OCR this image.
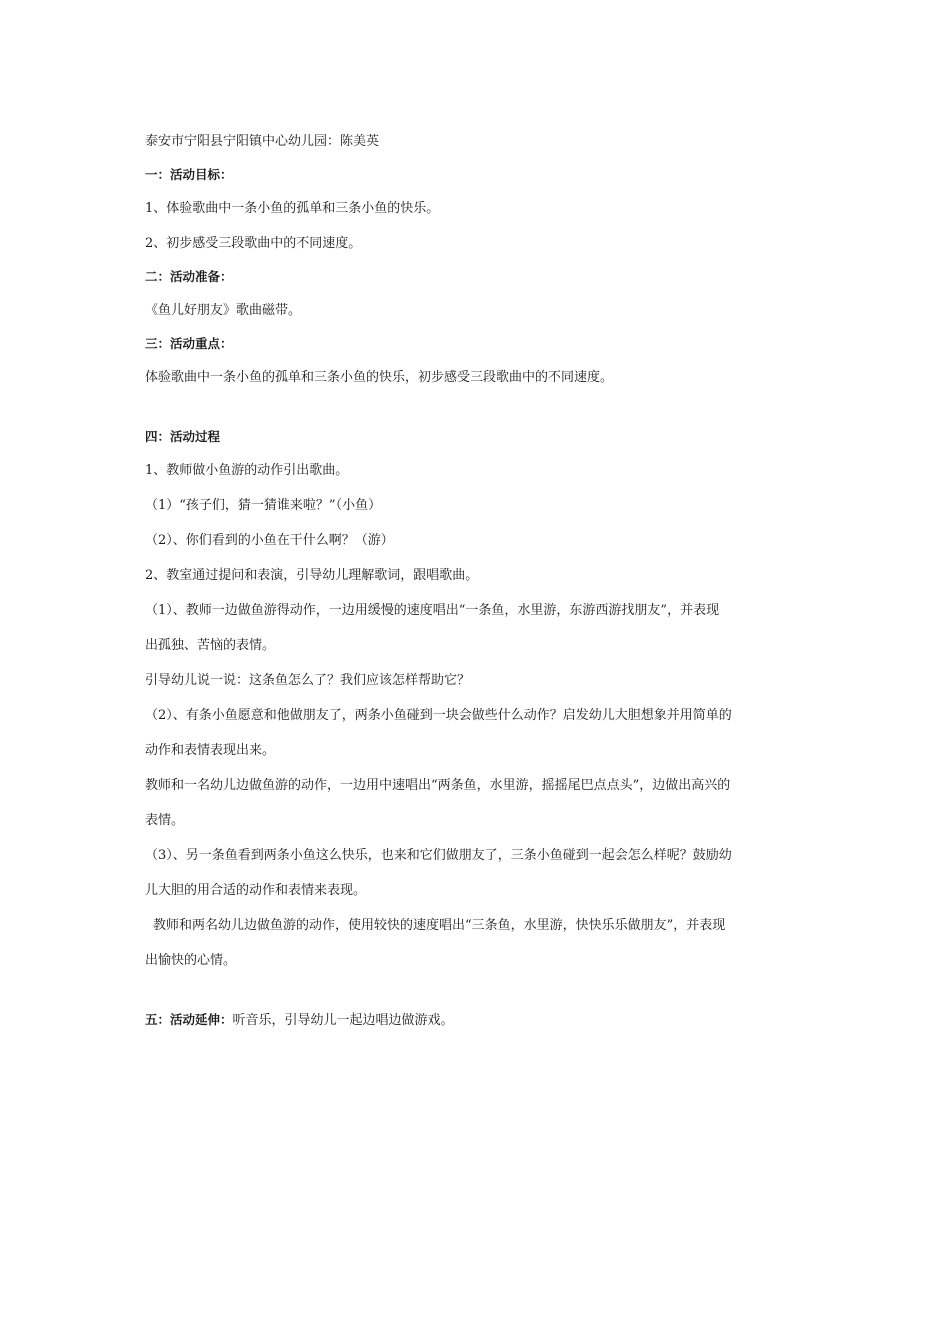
泰安市宁阳县宁阳镇中心幼儿园：陈美英
一：活动目标：
1、体验歌曲中一条小鱼的孤单和三条小鱼的快乐。
2、初步感受三段歌曲中的不同速度。
二：活动准备：
《鱼儿好朋友》歌曲磁带。
三：活动重点：
体验歌曲中一条小鱼的孤单和三条小鱼的快乐，初步感受三段歌曲中的不同速度。
四：活动过程
1、教师做小鱼游的动作引出歌曲。
（1）“孩子们，猜一猜谁来啦？”（小鱼）
（2）、你们看到的小鱼在干什么啊？（游）
2、教室通过提问和表演，引导幼儿理解歌词，跟唱歌曲。
（1）、教师一边做鱼游得动作，一边用缓慢的速度唱出“一条鱼，水里游，东游西游找朋友”，并表现
出孤独、苦恼的表情。
引导幼儿说一说：这条鱼怎么了？我们应该怎样帮助它？
（2）、有条小鱼愿意和他做朋友了，两条小鱼碰到一块会做些什么动作？启发幼儿大胆想象并用简单的
动作和表情表现出来。
教师和一名幼儿边做鱼游的动作，一边用中速唱出“两条鱼，水里游，摇摇尾巴点点头”，边做出高兴的
表情。
（3）、另一条鱼看到两条小鱼这么快乐，也来和它们做朋友了，三条小鱼碰到一起会怎么样呢？鼓励幼
儿大胆的用合适的动作和表情来表现。
教师和两名幼儿边做鱼游的动作，使用较快的速度唱出“三条鱼，水里游，快快乐乐做朋友”，并表现
出愉快的心情。
五：活动延伸：听音乐，引导幼儿一起边唱边做游戏。
